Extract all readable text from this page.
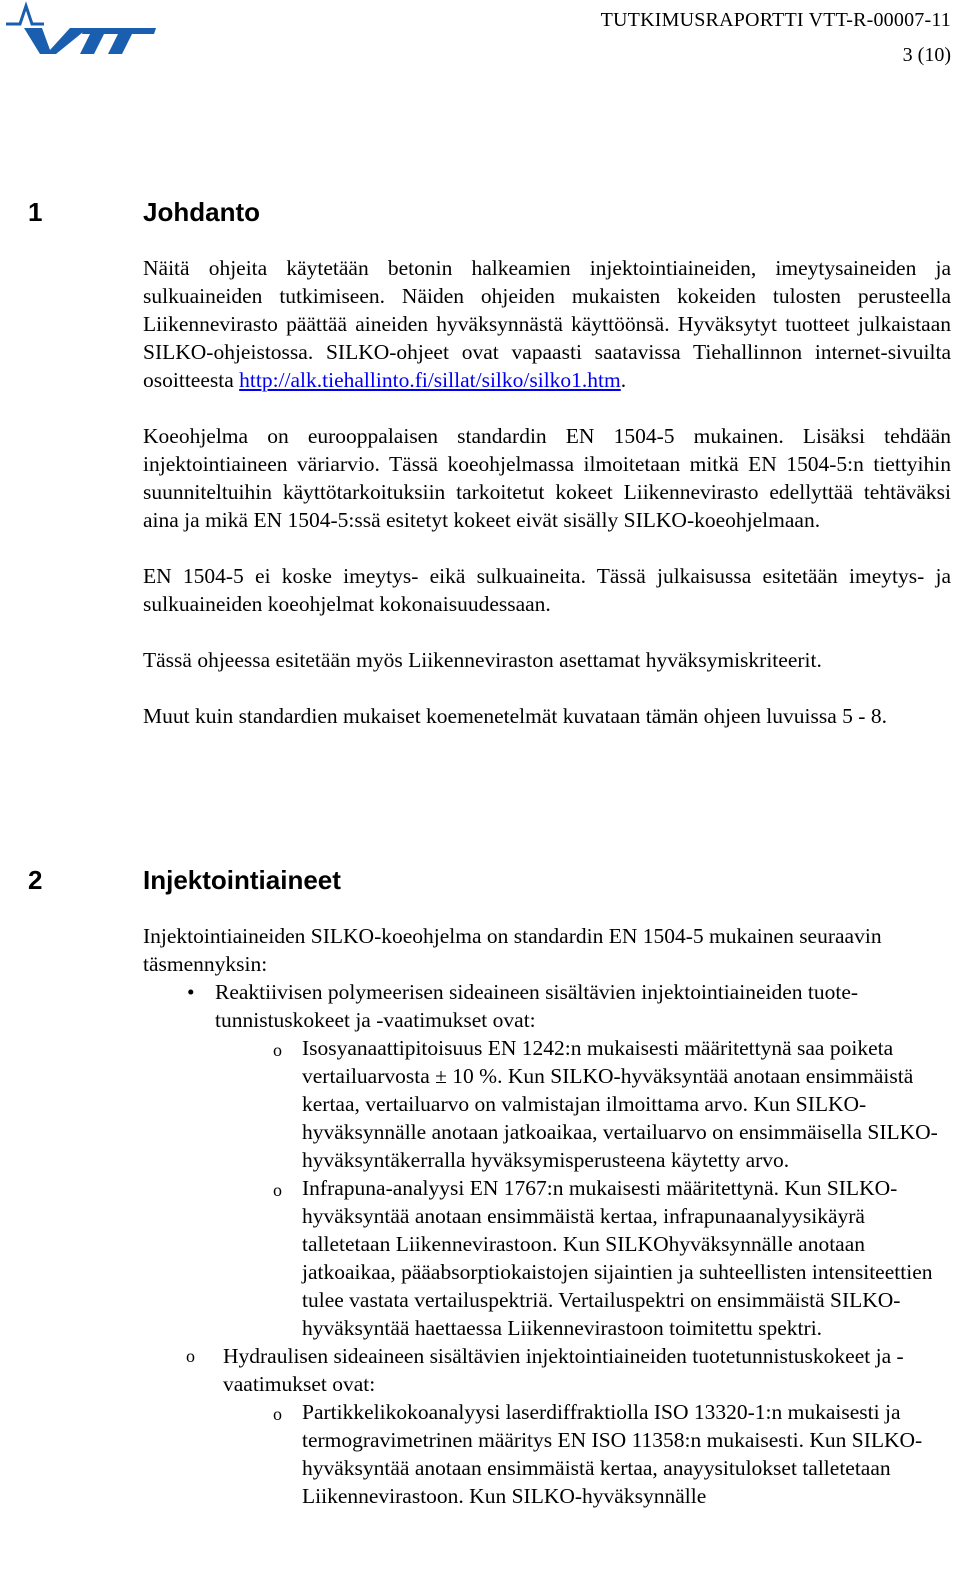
TUTKIMUSRAPORTTI VTT-R-00007-11
3 (10)
1	Johdanto

Näitä ohjeita käytetään betonin halkeamien injektointiaineiden, imeytysaineiden ja sulkuaineiden tutkimiseen. Näiden ohjeiden mukaisten kokeiden tulosten perusteella Liikennevirasto päättää aineiden hyväksynnästä käyttöönsä. Hyväksytyt tuotteet julkaistaan SILKO-ohjeistossa. SILKO-ohjeet ovat vapaasti saatavissa Tiehallinnon internet-sivuilta osoitteesta http://alk.tiehallinto.fi/sillat/silko/silko1.htm.

Koeohjelma on eurooppalaisen standardin EN 1504-5 mukainen. Lisäksi tehdään injektointiaineen väriarvio. Tässä koeohjelmassa ilmoitetaan mitkä EN 1504-5:n tiettyihin suunniteltuihin käyttötarkoituksiin tarkoitetut kokeet Liikennevirasto edellyttää tehtäväksi aina ja mikä EN 1504-5:ssä esitetyt kokeet eivät sisälly SILKO-koeohjelmaan.

EN 1504-5 ei koske imeytys- eikä sulkuaineita. Tässä julkaisussa esitetään imeytys- ja sulkuaineiden koeohjelmat kokonaisuudessaan.

Tässä ohjeessa esitetään myös Liikenneviraston asettamat hyväksymiskriteerit.

Muut kuin standardien mukaiset koemenetelmät kuvataan tämän ohjeen luvuissa 5 - 8.

2	Injektointiaineet

Injektointiaineiden SILKO-koeohjelma on standardin EN 1504-5 mukainen seuraavin täsmennyksin:

• Reaktiivisen polymeerisen sideaineen sisältävien injektointiaineiden tuotetunnistuskokeet ja -vaatimukset ovat:
o Isosyanaattipitoisuus EN 1242:n mukaisesti määritettynä saa poiketa vertailuarvosta ± 10 %. Kun SILKO-hyväksyntää anotaan ensimmäistä kertaa, vertailuarvo on valmistajan ilmoittama arvo. Kun SILKO-hyväksynnälle anotaan jatkoaikaa, vertailuarvo on ensimmäisella SILKO-hyväksyntäkerralla hyväksymisperusteena käytetty arvo.
o Infrapuna-analyysi EN 1767:n mukaisesti määritettynä. Kun SILKO-hyväksyntää anotaan ensimmäistä kertaa, infrapunaanalyysikäyrä talletetaan Liikennevirastoon. Kun SILKOhyväksynnälle anotaan jatkoaikaa, pääabsorptiokaistojen sijaintien ja suhteellisten intensiteettien tulee vastata vertailuspektriä. Vertailuspektri on ensimmäistä SILKO-hyväksyntää haettaessa Liikennevirastoon toimitettu spektri.
o Hydraulisen sideaineen sisältävien injektointiaineiden tuotetunnistuskokeet ja -vaatimukset ovat:
o Partikkelikokoanalyysi laserdiffraktiolla ISO 13320-1:n mukaisesti ja termogravimetrinen määritys EN ISO 11358:n mukaisesti. Kun SILKO-hyväksyntää anotaan ensimmäistä kertaa, anayysitulokset talletetaan Liikennevirastoon. Kun SILKO-hyväksynnälle
